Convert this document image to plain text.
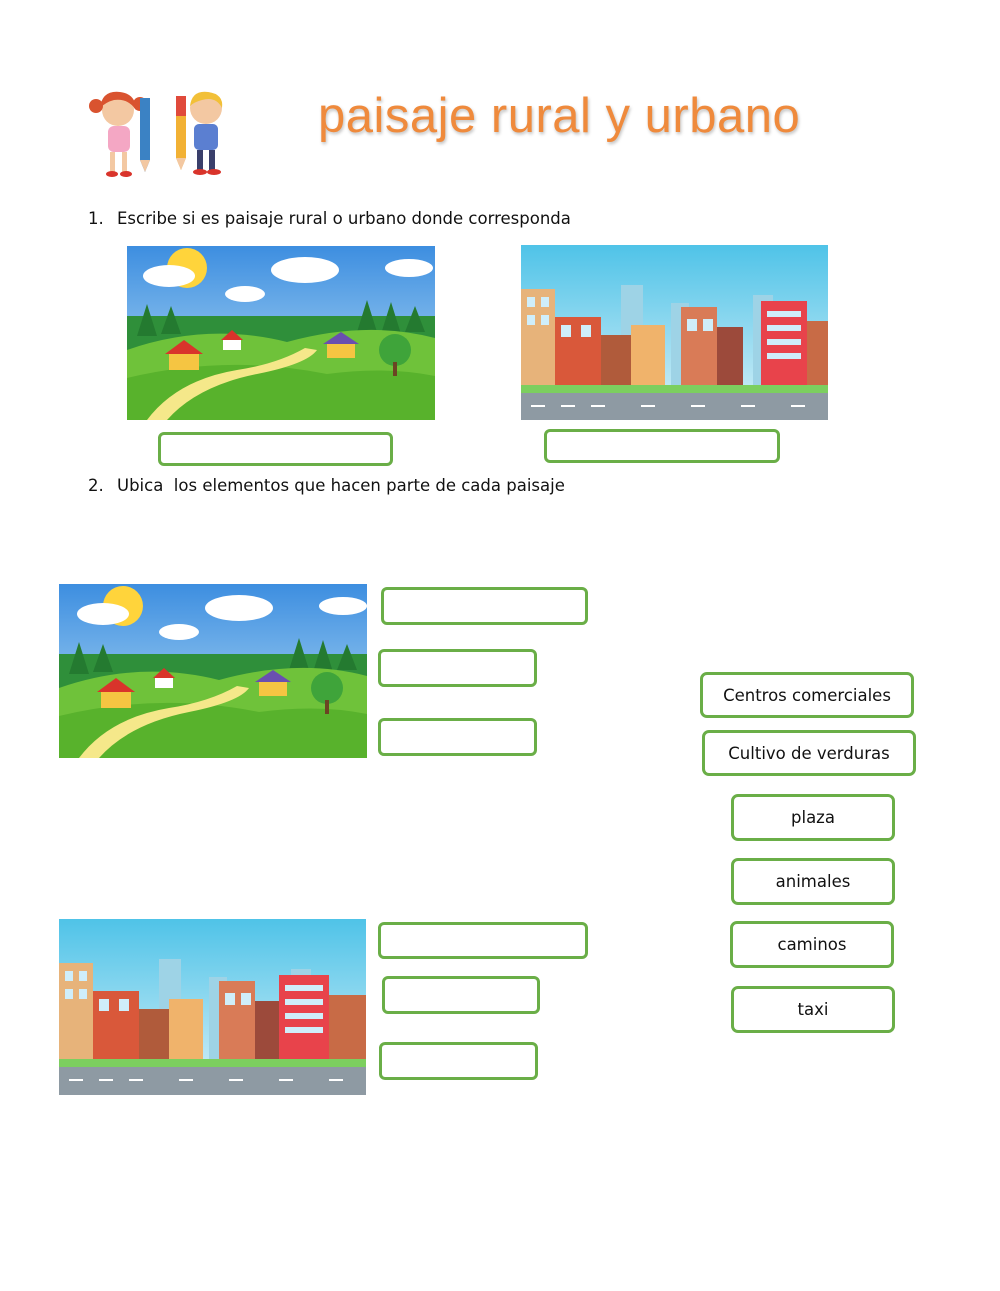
paisaje rural y urbano
1. Escribe si es paisaje rural o urbano donde corresponda
2. Ubica  los elementos que hacen parte de cada paisaje
Centros comerciales
Cultivo de verduras
plaza
animales
caminos
taxi
